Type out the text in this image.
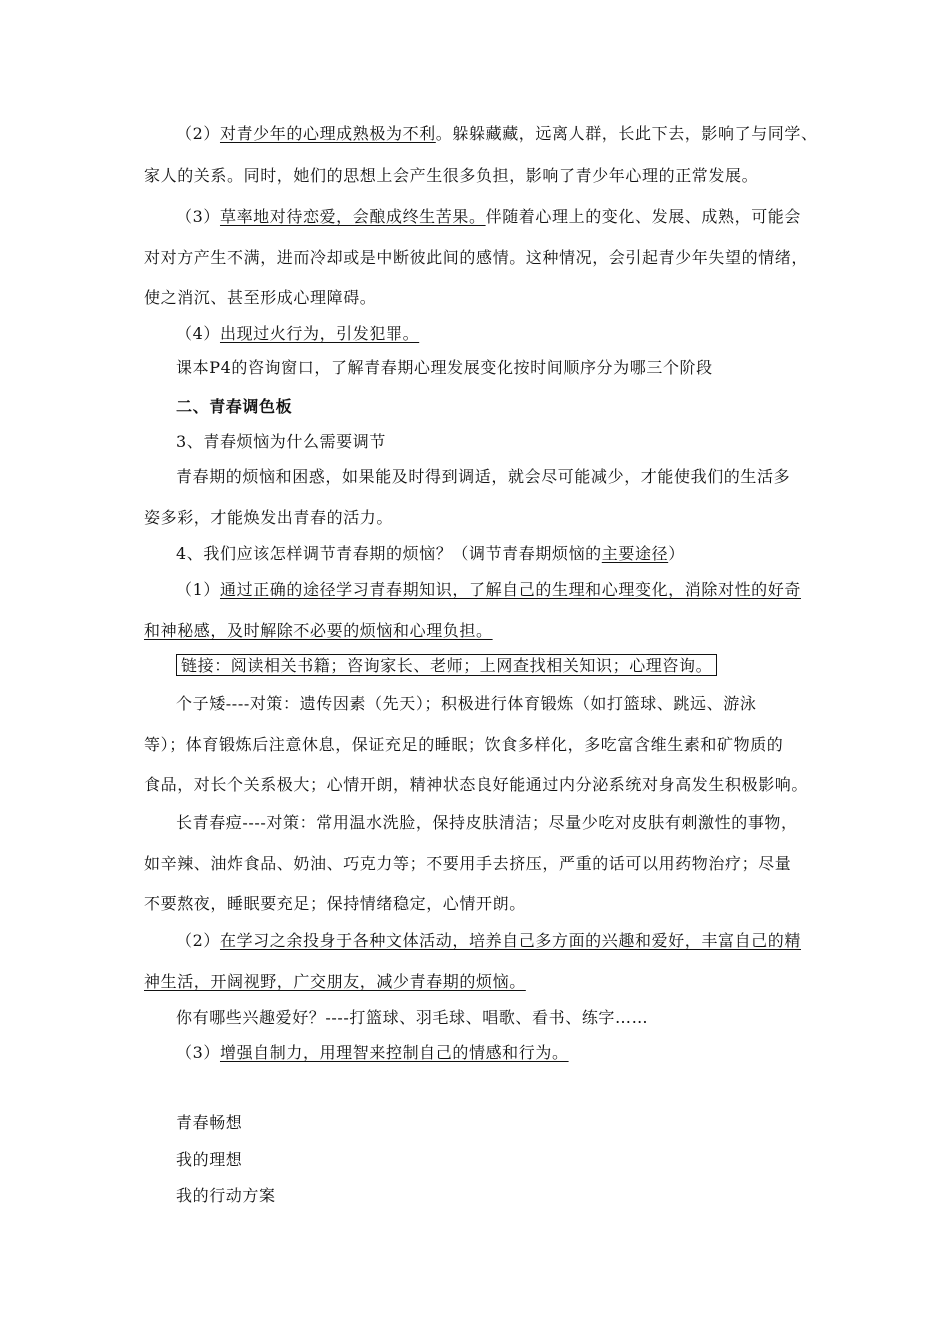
（2）对青少年的心理成熟极为不利。躲躲藏藏，远离人群，长此下去，影响了与同学、
家人的关系。同时，她们的思想上会产生很多负担，影响了青少年心理的正常发展。
（3）草率地对待恋爱，会酿成终生苦果。伴随着心理上的变化、发展、成熟，可能会
对对方产生不满，进而冷却或是中断彼此间的感情。这种情况，会引起青少年失望的情绪，
使之消沉、甚至形成心理障碍。
（4）出现过火行为，引发犯罪。
课本P4的咨询窗口，了解青春期心理发展变化按时间顺序分为哪三个阶段
二、青春调色板
3、青春烦恼为什么需要调节
青春期的烦恼和困惑，如果能及时得到调适，就会尽可能减少，才能使我们的生活多
姿多彩，才能焕发出青春的活力。
4、我们应该怎样调节青春期的烦恼？（调节青春期烦恼的主要途径）
（1）通过正确的途径学习青春期知识，了解自己的生理和心理变化，消除对性的好奇
和神秘感，及时解除不必要的烦恼和心理负担。
链接：阅读相关书籍；咨询家长、老师；上网查找相关知识；心理咨询。
个子矮----对策：遗传因素（先天）；积极进行体育锻炼（如打篮球、跳远、游泳
等）；体育锻炼后注意休息，保证充足的睡眠；饮食多样化，多吃富含维生素和矿物质的
食品，对长个关系极大；心情开朗，精神状态良好能通过内分泌系统对身高发生积极影响。
长青春痘----对策：常用温水洗脸，保持皮肤清洁；尽量少吃对皮肤有刺激性的事物，
如辛辣、油炸食品、奶油、巧克力等；不要用手去挤压，严重的话可以用药物治疗；尽量
不要熬夜，睡眠要充足；保持情绪稳定，心情开朗。
（2）在学习之余投身于各种文体活动，培养自己多方面的兴趣和爱好，丰富自己的精
神生活，开阔视野，广交朋友，减少青春期的烦恼。
你有哪些兴趣爱好？----打篮球、羽毛球、唱歌、看书、练字……
（3）增强自制力，用理智来控制自己的情感和行为。
青春畅想
我的理想
我的行动方案
